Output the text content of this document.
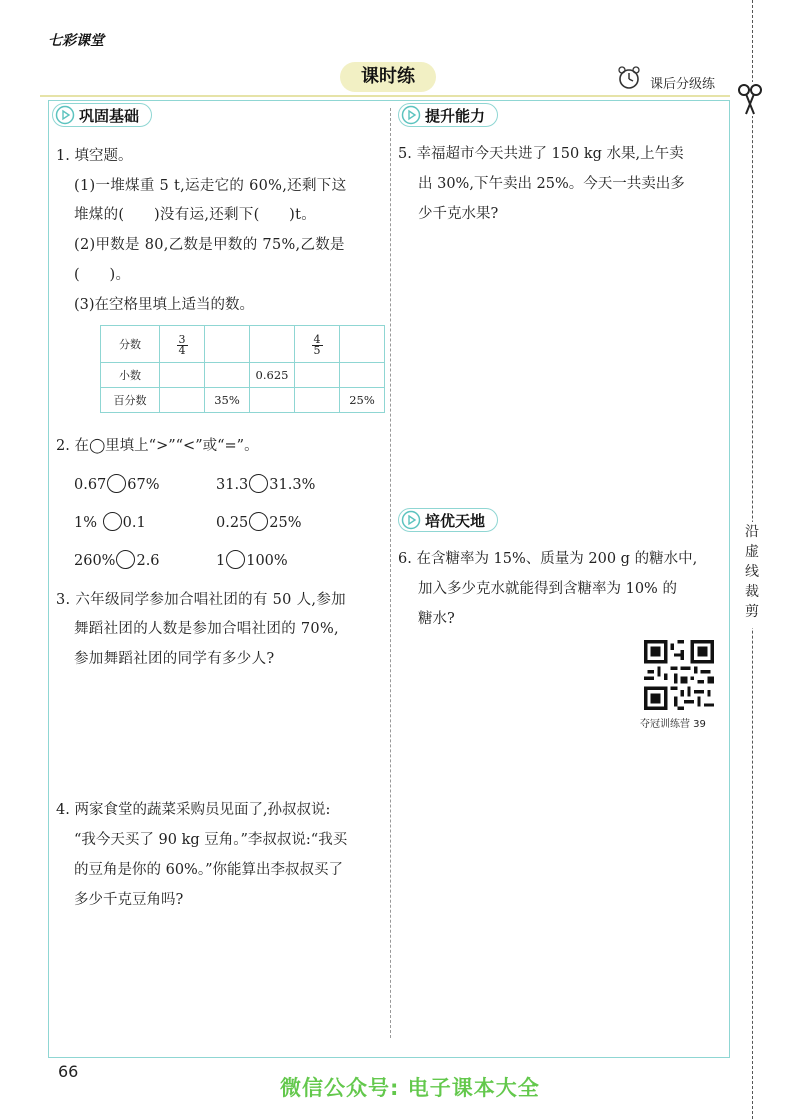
七彩课堂
课时练	课后分级练
沿虚线裁剪
巩固基础
1. 填空题。
(1)一堆煤重 5 t,运走它的 60%,还剩下这
堆煤的(　　)没有运,还剩下(　　)t。
(2)甲数是 80,乙数是甲数的 75%,乙数是
(　　)。
(3)在空格里填上适当的数。
分数	$\frac{3}{4}$			$\frac{4}{5}$

小数			0.625		
百分数		35%			25%
2. 在◯里填上“>”“<”或“=”。
0.67 67%	31.3 31.3%
1% 0.1	0.25 25%
260% 2.6	1 100%
3. 六年级同学参加合唱社团的有 50 人,参加
舞蹈社团的人数是参加合唱社团的 70%,
参加舞蹈社团的同学有多少人?
4. 两家食堂的蔬菜采购员见面了,孙叔叔说:
“我今天买了 90 kg 豆角。”李叔叔说:“我买
的豆角是你的 60%。”你能算出李叔叔买了
多少千克豆角吗?
提升能力
5. 幸福超市今天共进了 150 kg 水果,上午卖
出 30%,下午卖出 25%。今天一共卖出多
少千克水果?
培优天地
6. 在含糖率为 15%、质量为 200 g 的糖水中,
加入多少克水就能得到含糖率为 10% 的
糖水?
夺冠训练营 39
66
微信公众号: 电子课本大全
